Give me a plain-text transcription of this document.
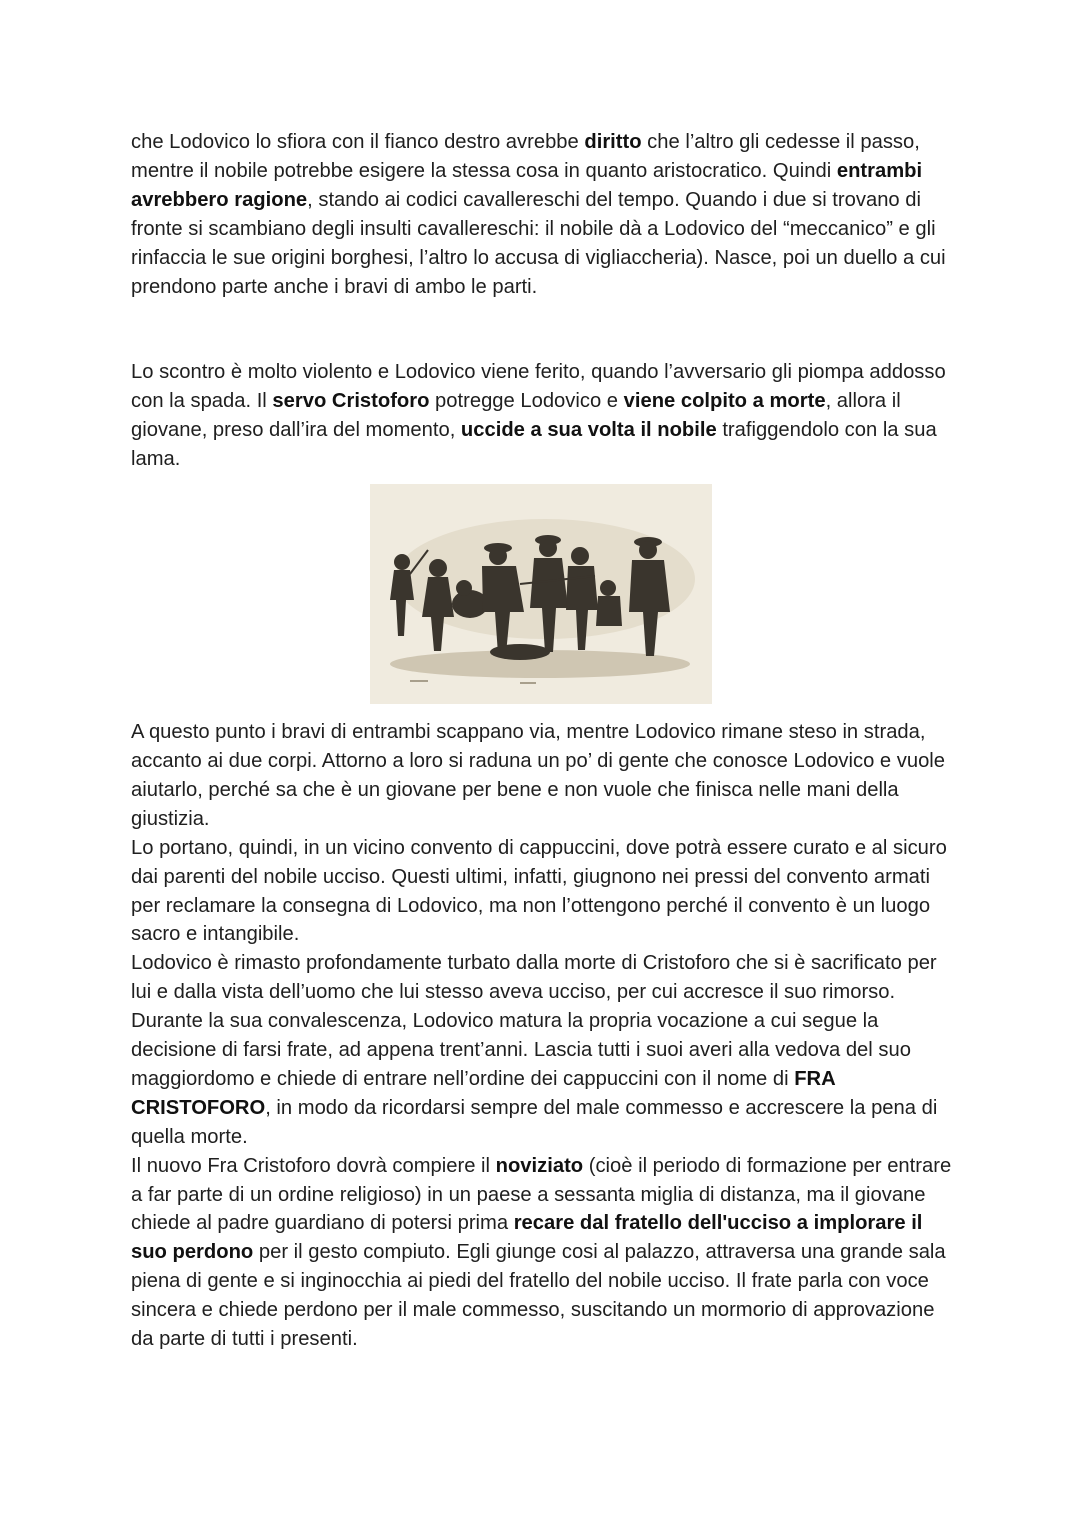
che Lodovico lo sfiora con il fianco destro avrebbe diritto che l’altro gli cedesse il passo, mentre il nobile potrebbe esigere la stessa cosa in quanto aristocratico. Quindi entrambi avrebbero ragione, stando ai codici cavallereschi del tempo. Quando i due si trovano di fronte si scambiano degli insulti cavallereschi: il nobile dà a Lodovico del “meccanico” e gli rinfaccia le sue origini borghesi, l’altro lo accusa di vigliaccheria). Nasce, poi un duello a cui prendono parte anche i bravi di ambo le parti.

Lo scontro è molto violento e Lodovico viene ferito, quando l’avversario gli piompa addosso con la spada. Il servo Cristoforo potregge Lodovico e viene colpito a morte, allora il giovane, preso dall’ira del momento, uccide a sua volta il nobile trafiggendolo con la sua lama.

A questo punto i bravi di entrambi scappano via, mentre Lodovico rimane steso in strada, accanto ai due corpi. Attorno a loro si raduna un po’ di gente che conosce Lodovico e vuole aiutarlo, perché sa che è un giovane per bene e non vuole che finisca nelle mani della giustizia.

Lo portano, quindi, in un vicino convento di cappuccini, dove potrà essere curato e al sicuro dai parenti del nobile ucciso. Questi ultimi, infatti, giugnono nei pressi del convento armati per reclamare la consegna di Lodovico, ma non l’ottengono perché il convento è un luogo sacro e intangibile.

Lodovico è rimasto profondamente turbato dalla morte di Cristoforo che si è sacrificato per lui e dalla vista dell’uomo che lui stesso aveva ucciso, per cui accresce il suo rimorso.

Durante la sua convalescenza, Lodovico matura la propria vocazione a cui segue la decisione di farsi frate, ad appena trent’anni. Lascia tutti i suoi averi alla vedova del suo maggiordomo e chiede di entrare nell’ordine dei cappuccini con il nome di FRA CRISTOFORO, in modo da ricordarsi sempre del male commesso e accrescere la pena di quella morte.

Il nuovo Fra Cristoforo dovrà compiere il noviziato (cioè il periodo di formazione per entrare a far parte di un ordine religioso) in un paese a sessanta miglia di distanza, ma il giovane chiede al padre guardiano di potersi prima recare dal fratello dell'ucciso a implorare il suo perdono per il gesto compiuto. Egli giunge cosi al palazzo, attraversa una grande sala piena di gente e si inginocchia ai piedi del fratello del nobile ucciso. Il frate parla con voce sincera e chiede perdono per il male commesso, suscitando un mormorio di approvazione da parte di tutti i presenti.
